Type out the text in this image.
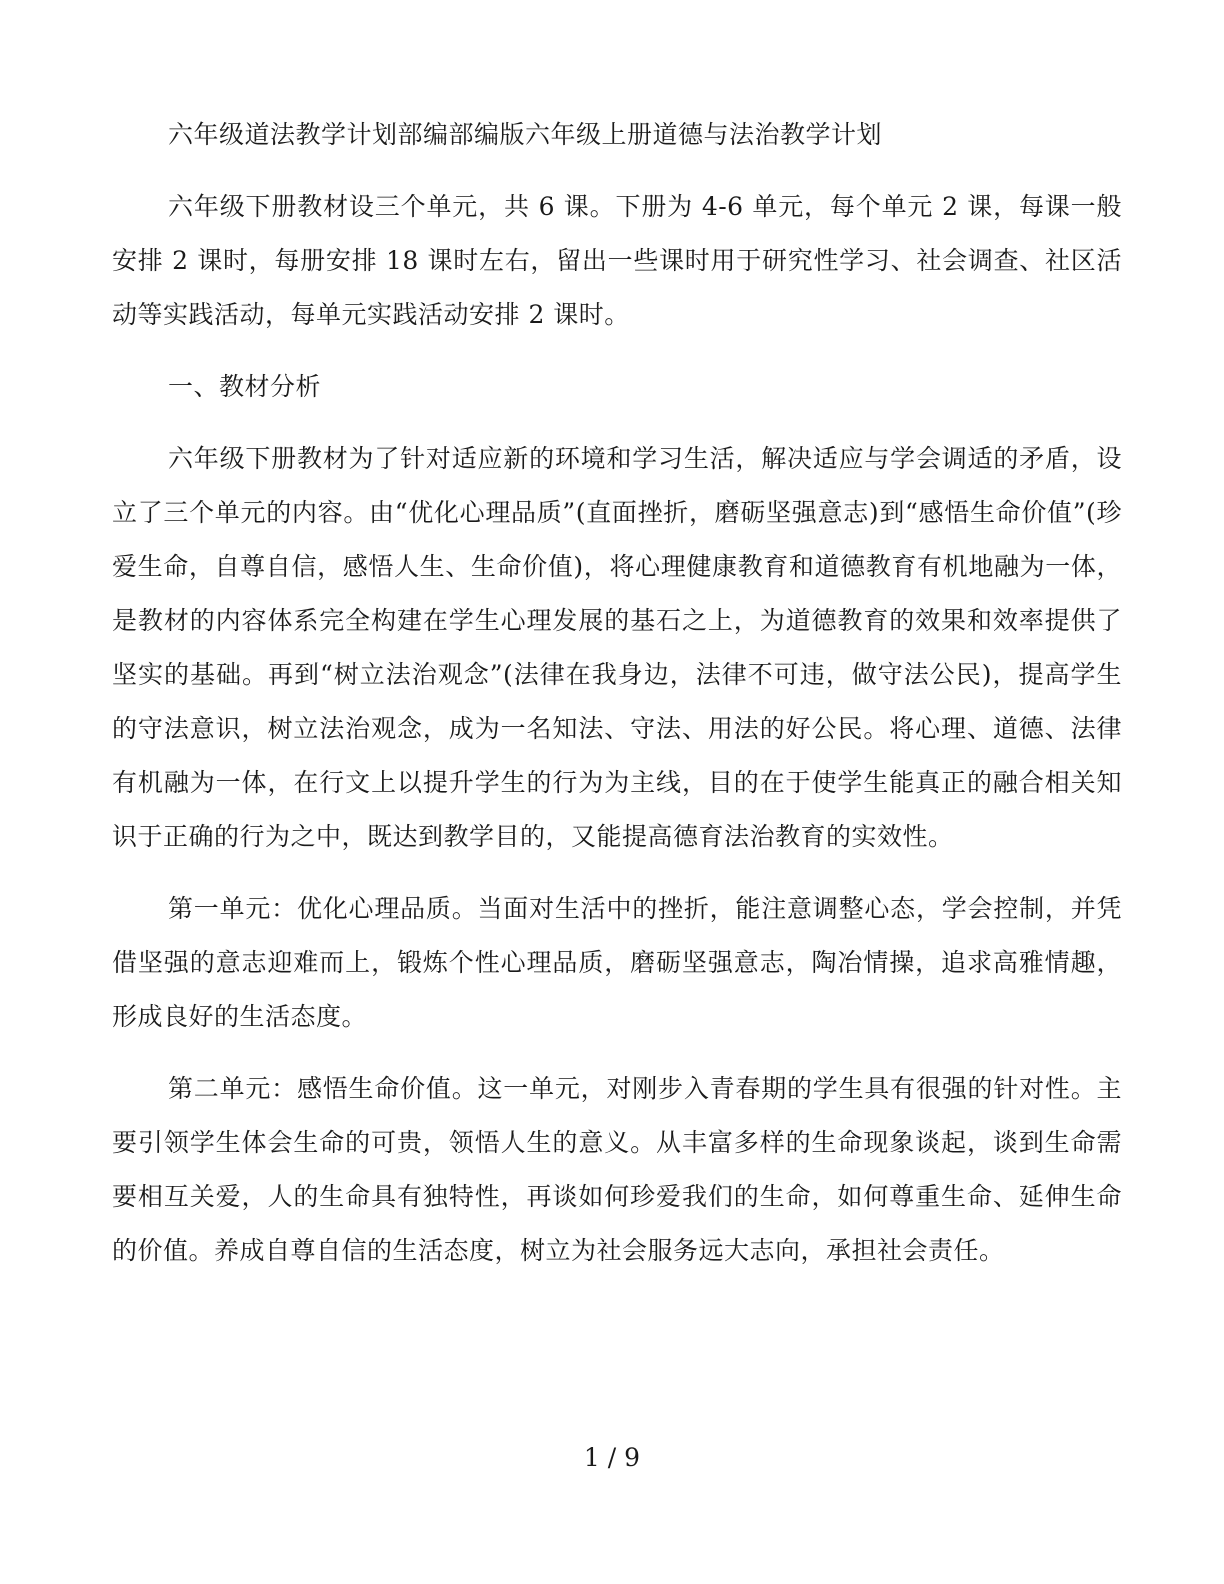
六年级道法教学计划部编部编版六年级上册道德与法治教学计划

六年级下册教材设三个单元，共 6 课。下册为 4-6 单元，每个单元 2 课，每课一般安排 2 课时，每册安排 18 课时左右，留出一些课时用于研究性学习、社会调查、社区活动等实践活动，每单元实践活动安排 2 课时。

一、教材分析

六年级下册教材为了针对适应新的环境和学习生活，解决适应与学会调适的矛盾，设立了三个单元的内容。由“优化心理品质”(直面挫折，磨砺坚强意志)到“感悟生命价值”(珍爱生命，自尊自信，感悟人生、生命价值)，将心理健康教育和道德教育有机地融为一体，是教材的内容体系完全构建在学生心理发展的基石之上，为道德教育的效果和效率提供了坚实的基础。再到“树立法治观念”(法律在我身边，法律不可违，做守法公民)，提高学生的守法意识，树立法治观念，成为一名知法、守法、用法的好公民。将心理、道德、法律有机融为一体，在行文上以提升学生的行为为主线，目的在于使学生能真正的融合相关知识于正确的行为之中，既达到教学目的，又能提高德育法治教育的实效性。

第一单元：优化心理品质。当面对生活中的挫折，能注意调整心态，学会控制，并凭借坚强的意志迎难而上，锻炼个性心理品质，磨砺坚强意志，陶冶情操，追求高雅情趣，形成良好的生活态度。

第二单元：感悟生命价值。这一单元，对刚步入青春期的学生具有很强的针对性。主要引领学生体会生命的可贵，领悟人生的意义。从丰富多样的生命现象谈起，谈到生命需要相互关爱，人的生命具有独特性，再谈如何珍爱我们的生命，如何尊重生命、延伸生命的价值。养成自尊自信的生活态度，树立为社会服务远大志向，承担社会责任。

1 / 9
